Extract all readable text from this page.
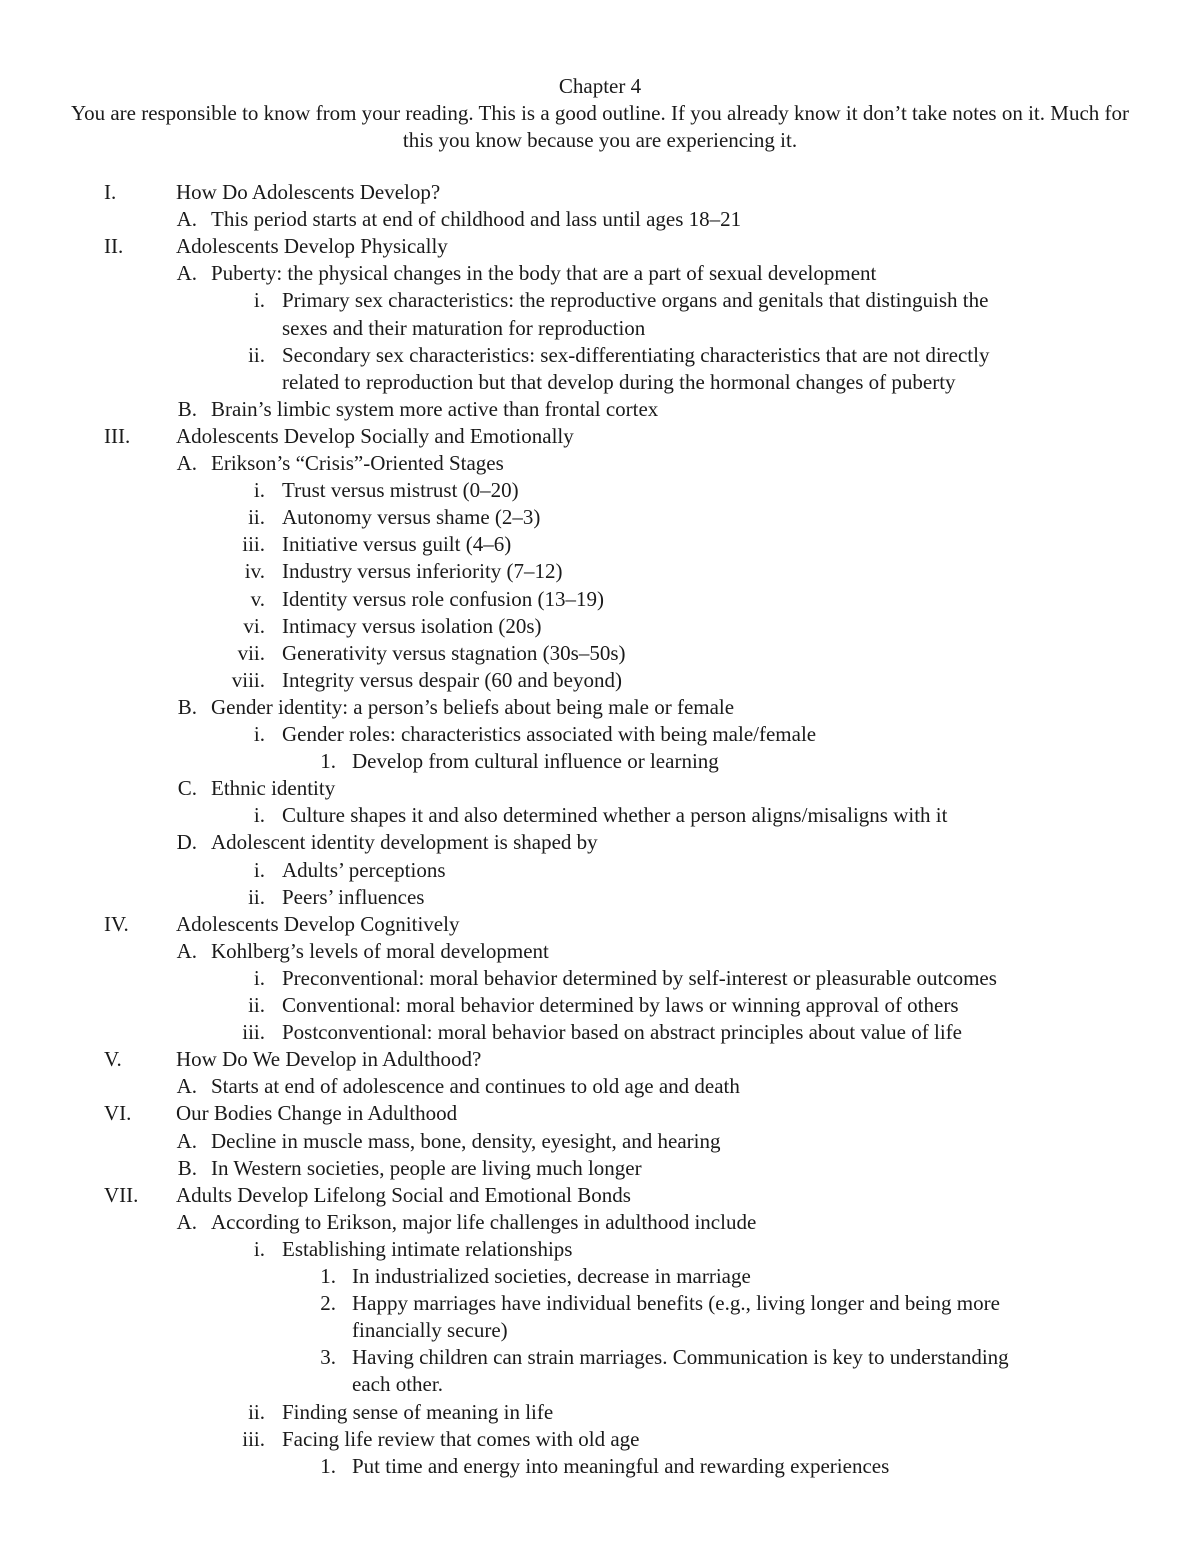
Chapter 4
You are responsible to know from your reading. This is a good outline. If you already know it don’t take notes on it. Much for this you know because you are experiencing it.
I.	How Do Adolescents Develop?
A. This period starts at end of childhood and lass until ages 18–21
II.	Adolescents Develop Physically
A. Puberty: the physical changes in the body that are a part of sexual development
i. Primary sex characteristics: the reproductive organs and genitals that distinguish the
sexes and their maturation for reproduction
ii. Secondary sex characteristics: sex-differentiating characteristics that are not directly
related to reproduction but that develop during the hormonal changes of puberty
B. Brain’s limbic system more active than frontal cortex
III. Adolescents Develop Socially and Emotionally
A. Erikson’s “Crisis”-Oriented Stages
i. Trust versus mistrust (0–20)
ii. Autonomy versus shame (2–3)
iii. Initiative versus guilt (4–6)
iv. Industry versus inferiority (7–12)
v. Identity versus role confusion (13–19)
vi. Intimacy versus isolation (20s)
vii. Generativity versus stagnation (30s–50s)
viii. Integrity versus despair (60 and beyond)
B. Gender identity: a person’s beliefs about being male or female
i. Gender roles: characteristics associated with being male/female
1. Develop from cultural influence or learning
C. Ethnic identity
i. Culture shapes it and also determined whether a person aligns/misaligns with it
D. Adolescent identity development is shaped by
i. Adults’ perceptions
ii. Peers’ influences
IV. Adolescents Develop Cognitively
A. Kohlberg’s levels of moral development
i. Preconventional: moral behavior determined by self-interest or pleasurable outcomes
ii. Conventional: moral behavior determined by laws or winning approval of others
iii. Postconventional: moral behavior based on abstract principles about value of life
V.	How Do We Develop in Adulthood?
A. Starts at end of adolescence and continues to old age and death
VI. Our Bodies Change in Adulthood
A. Decline in muscle mass, bone, density, eyesight, and hearing
B. In Western societies, people are living much longer
VII. Adults Develop Lifelong Social and Emotional Bonds
A. According to Erikson, major life challenges in adulthood include
i. Establishing intimate relationships
1. In industrialized societies, decrease in marriage
2. Happy marriages have individual benefits (e.g., living longer and being more
financially secure)
3. Having children can strain marriages. Communication is key to understanding
each other.
ii. Finding sense of meaning in life
iii. Facing life review that comes with old age
1. Put time and energy into meaningful and rewarding experiences
